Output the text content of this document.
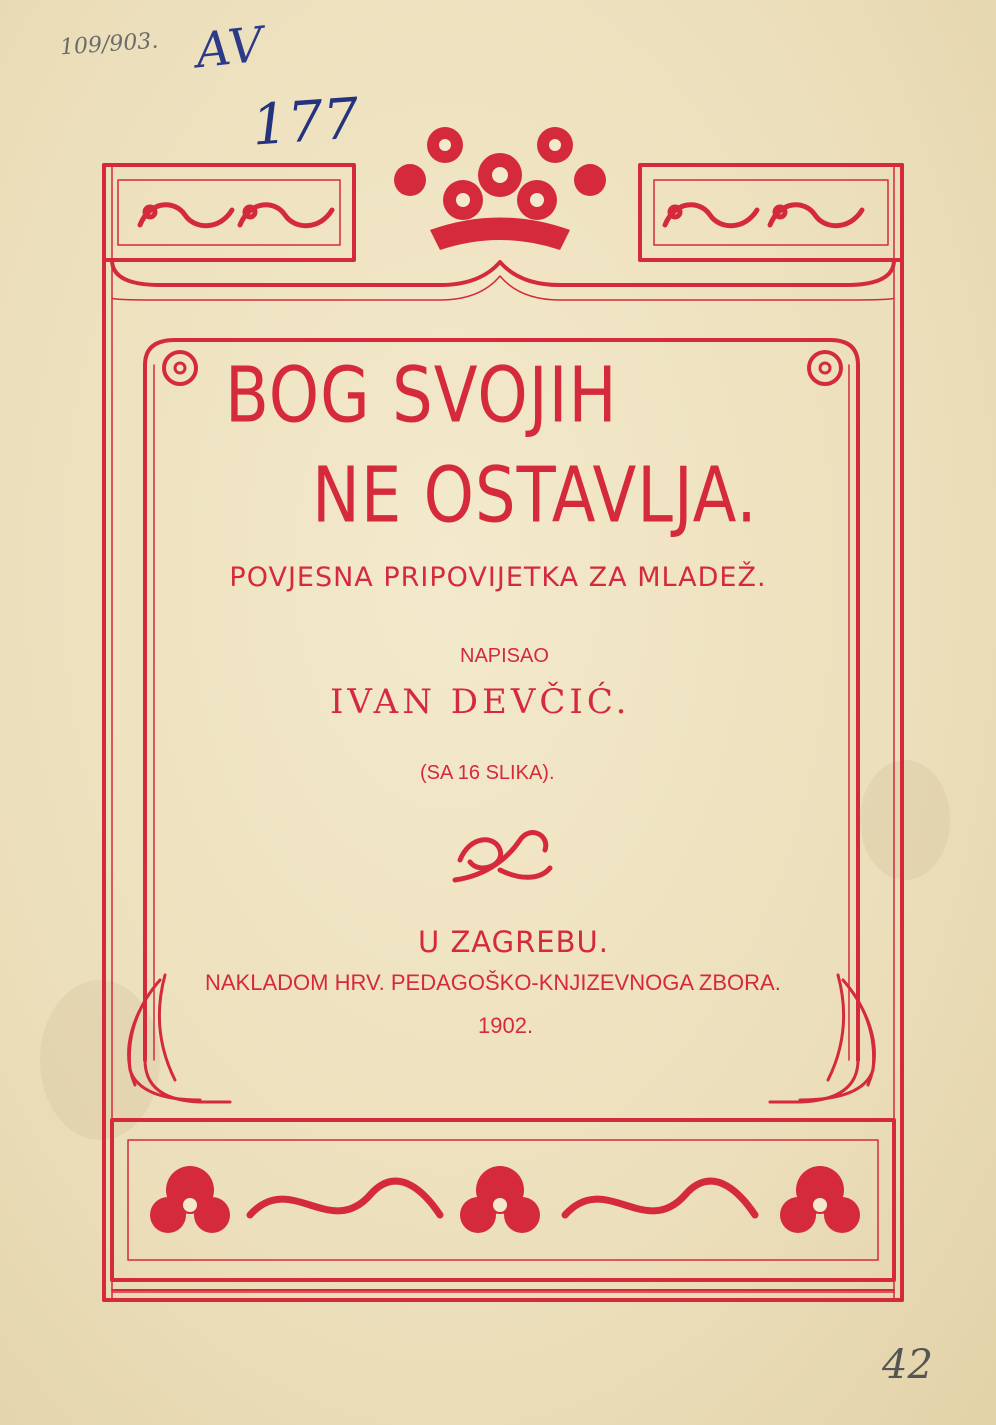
BOG SVOJIH
NE OSTAVLJA.
POVJESNA PRIPOVIJETKA ZA MLADEŽ.
NAPISAO
IVAN DEVČIĆ.
(SA 16 SLIKA).
U ZAGREBU.
NAKLADOM HRV. PEDAGOŠKO-KNJIZEVNOGA ZBORA.
1902.
109/903. AV
177
42
